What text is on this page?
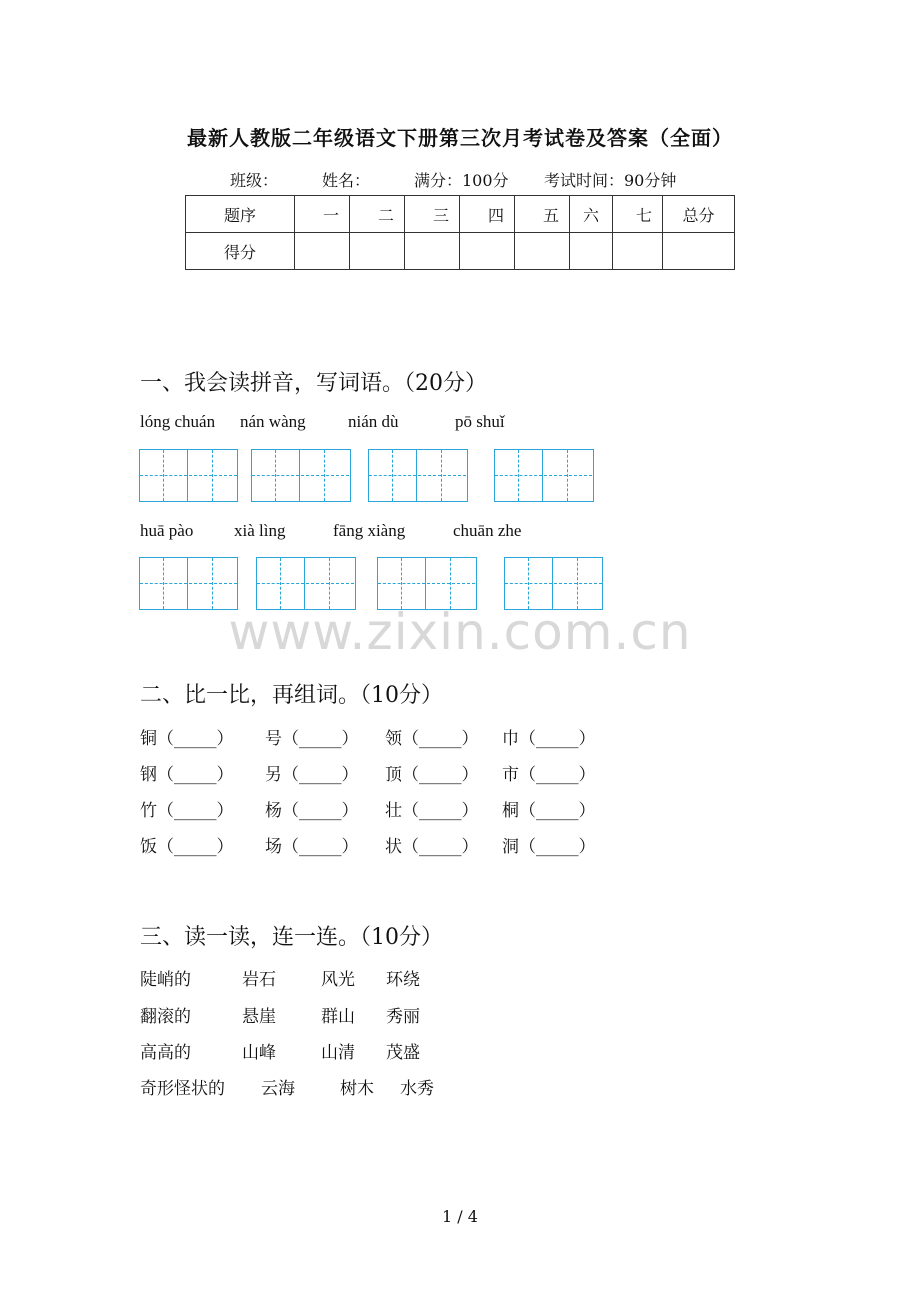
最新人教版二年级语文下册第三次月考试卷及答案（全面）
班级：	姓名：	满分：100分 考试时间：90分钟
题序	一	二	三	四	五	六	七	总分
得分								
一、我会读拼音，写词语。（20分）
lóng chuán nán wàng nián dù	pō shuǐ
huā pào xià lìng	fāng xiàng	chuān zhe
www.zixin.com.cn
二、比一比，再组词。（10分）
铜（_____） 号（_____） 领（_____） 巾（_____）
钢（_____） 另（_____） 顶（_____） 市（_____）
竹（_____） 杨（_____） 壮（_____） 桐（_____）
饭（_____） 场（_____） 状（_____） 洞（_____）
三、读一读，连一连。（10分）
陡峭的	岩石	风光 环绕
翻滚的	悬崖	群山 秀丽
高高的	山峰	山清 茂盛
奇形怪状的 云海	树木 水秀
1 / 4
